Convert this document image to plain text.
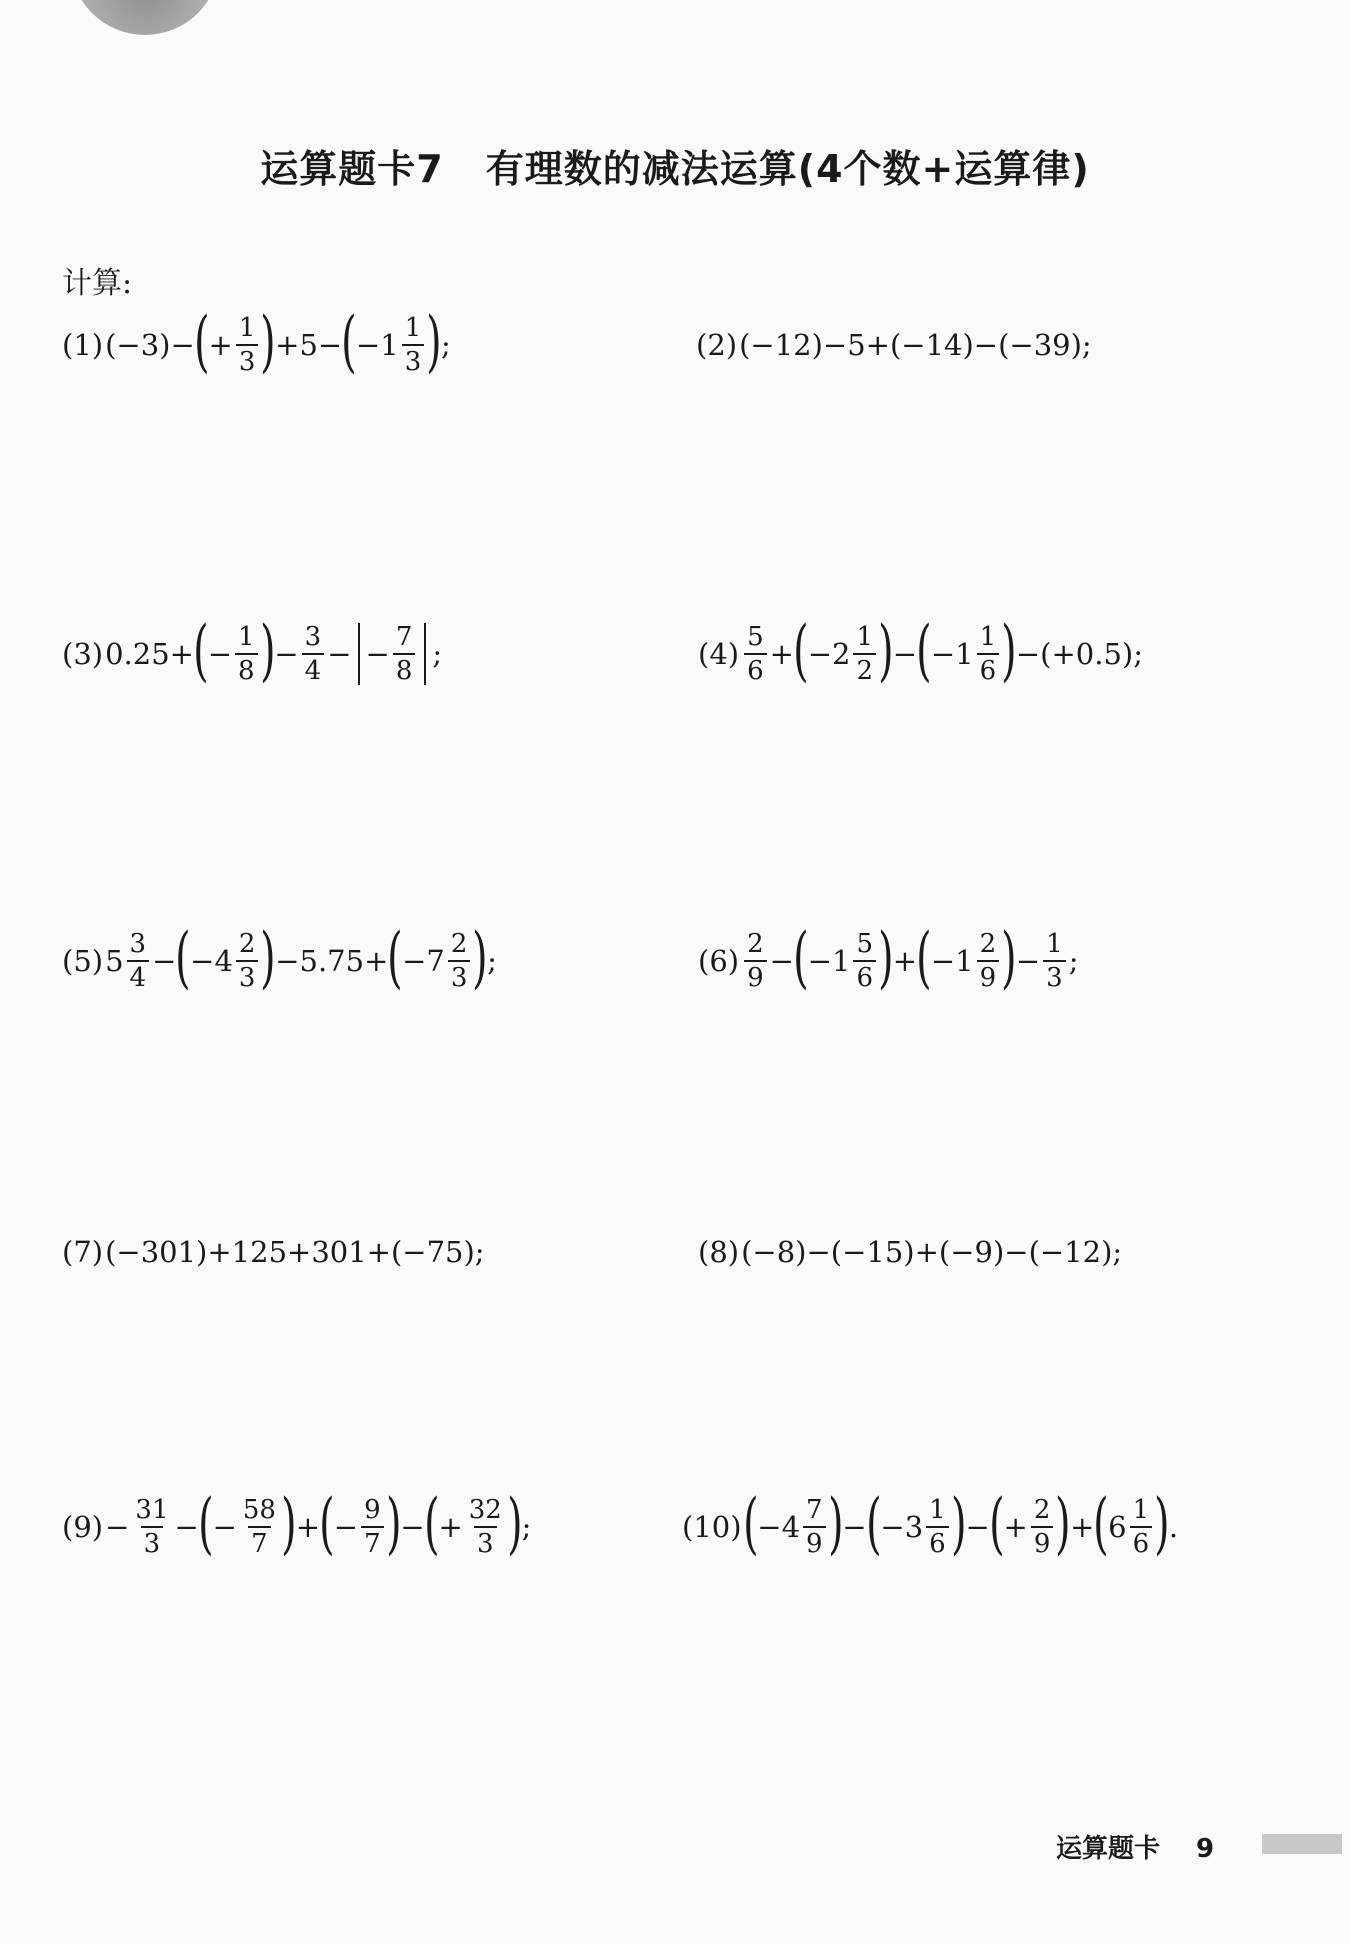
运算题卡7 有理数的减法运算(4个数+运算律)
计算:
(1) (−3)− ( + $\frac{1}{3}$ ) +5− ( $-1 \frac{1}{3}$ ) ;	(2) (−12)−5+(−14)−(−39);
(3) 0.25+ ( − $\frac{1}{8}$ ) − $\frac{3}{4}$ − − $\frac{7}{8}$ ;	$(4) \frac{5}{6}$ + ( $-2 \frac{1}{2}$ ) − ( $-1 \frac{1}{6}$ ) −(+0.5);
(5) $5 \frac{3}{4}$ − ( $-4 \frac{2}{3}$ ) −5.75+ ( $-7 \frac{2}{3}$ ) ;	$(6) \frac{2}{9}$ − ( $-1 \frac{5}{6}$ ) + ( $-1 \frac{2}{9}$ ) − $\frac{1}{3}$ ;
(7) (−301)+125+301+(−75);	(8) (−8)−(−15)+(−9)−(−12);
$(9) - \frac{31}{3}$ − ( − $\frac{58}{7}$ ) + ( − $\frac{9}{7}$ ) − ( + $\frac{32}{3}$ ) ;	(10) ( $-4 \frac{7}{9}$ ) − ( $-3 \frac{1}{6}$ ) − ( + $\frac{2}{9}$ ) + ( $6 \frac{1}{6}$ ) .
运算题卡 9
